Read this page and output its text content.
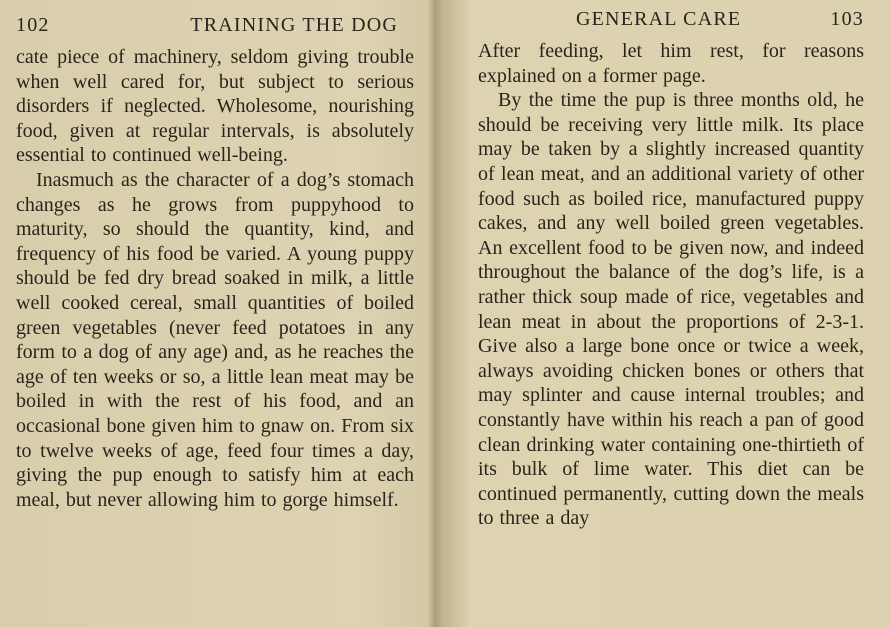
102	TRAINING THE DOG

cate piece of machinery, seldom giving trouble when well cared for, but subject to serious disorders if neglected. Wholesome, nourishing food, given at regular intervals, is absolutely essential to continued well-being.

Inasmuch as the character of a dog’s stomach changes as he grows from puppyhood to maturity, so should the quantity, kind, and frequency of his food be varied. A young puppy should be fed dry bread soaked in milk, a little well cooked cereal, small quantities of boiled green vegetables (never feed potatoes in any form to a dog of any age) and, as he reaches the age of ten weeks or so, a little lean meat may be boiled in with the rest of his food, and an occasional bone given him to gnaw on. From six to twelve weeks of age, feed four times a day, giving the pup enough to satisfy him at each meal, but never allowing him to gorge himself.

GENERAL CARE	103

After feeding, let him rest, for reasons explained on a former page.

By the time the pup is three months old, he should be receiving very little milk. Its place may be taken by a slightly increased quantity of lean meat, and an additional variety of other food such as boiled rice, manufactured puppy cakes, and any well boiled green vegetables. An excellent food to be given now, and indeed throughout the balance of the dog’s life, is a rather thick soup made of rice, vegetables and lean meat in about the proportions of 2-3-1. Give also a large bone once or twice a week, always avoiding chicken bones or others that may splinter and cause internal troubles; and constantly have within his reach a pan of good clean drinking water containing one-thirtieth of its bulk of lime water. This diet can be continued permanently, cutting down the meals to three a day
